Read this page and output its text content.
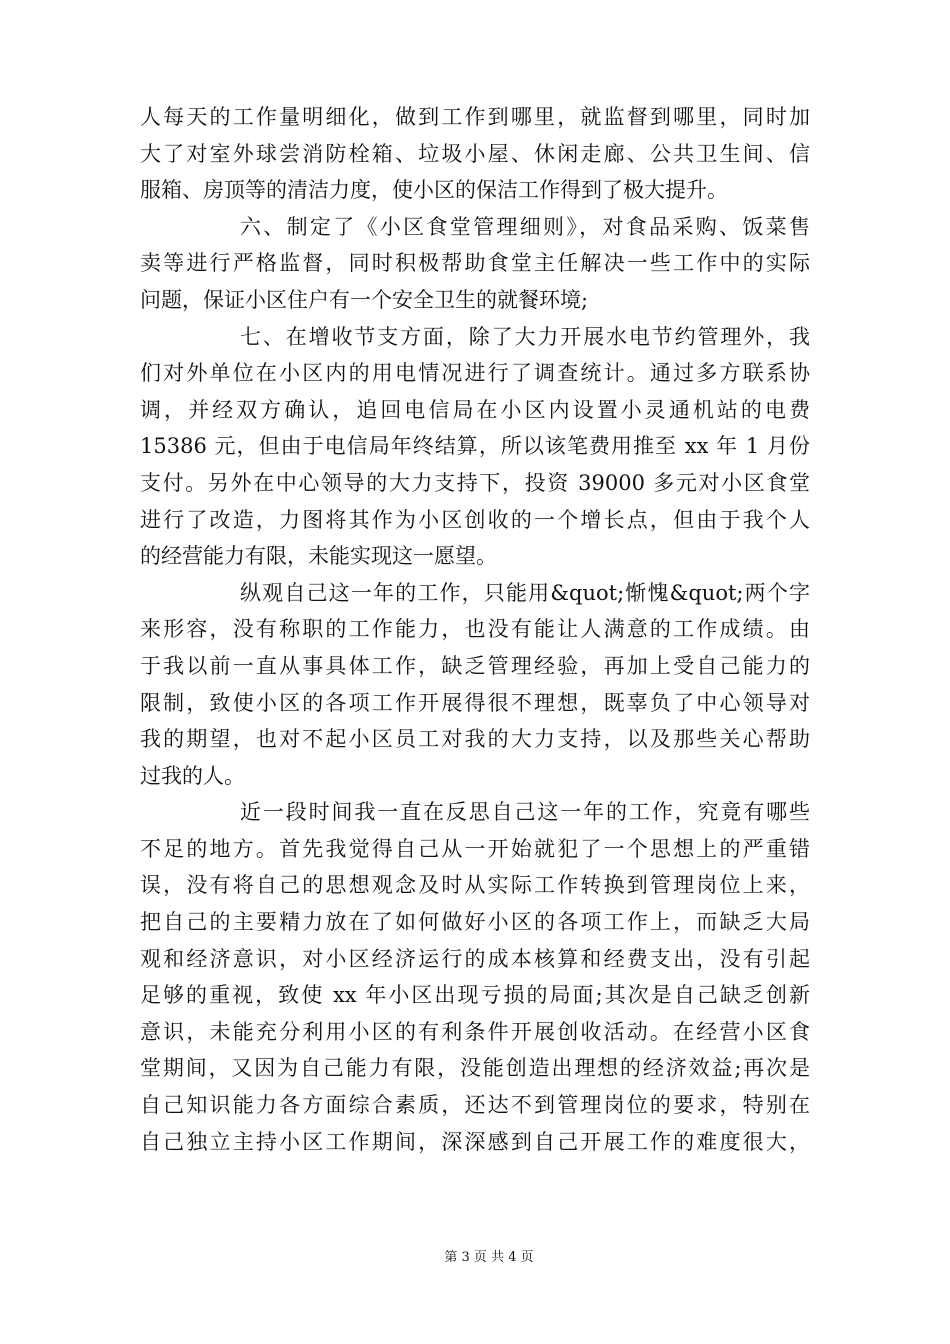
人每天的工作量明细化，做到工作到哪里，就监督到哪里，同时加
大了对室外球尝消防栓箱、垃圾小屋、休闲走廊、公共卫生间、信
服箱、房顶等的清洁力度，使小区的保洁工作得到了极大提升。
六、制定了《小区食堂管理细则》，对食品采购、饭菜售
卖等进行严格监督，同时积极帮助食堂主任解决一些工作中的实际
问题，保证小区住户有一个安全卫生的就餐环境;
七、在增收节支方面，除了大力开展水电节约管理外，我
们对外单位在小区内的用电情况进行了调查统计。通过多方联系协
调，并经双方确认，追回电信局在小区内设置小灵通机站的电费
15386 元，但由于电信局年终结算，所以该笔费用推至 xx 年 1 月份
支付。另外在中心领导的大力支持下，投资 39000 多元对小区食堂
进行了改造，力图将其作为小区创收的一个增长点，但由于我个人
的经营能力有限，未能实现这一愿望。
纵观自己这一年的工作，只能用&quot;惭愧&quot;两个字
来形容，没有称职的工作能力，也没有能让人满意的工作成绩。由
于我以前一直从事具体工作，缺乏管理经验，再加上受自己能力的
限制，致使小区的各项工作开展得很不理想，既辜负了中心领导对
我的期望，也对不起小区员工对我的大力支持，以及那些关心帮助
过我的人。
近一段时间我一直在反思自己这一年的工作，究竟有哪些
不足的地方。首先我觉得自己从一开始就犯了一个思想上的严重错
误，没有将自己的思想观念及时从实际工作转换到管理岗位上来，
把自己的主要精力放在了如何做好小区的各项工作上，而缺乏大局
观和经济意识，对小区经济运行的成本核算和经费支出，没有引起
足够的重视，致使 xx 年小区出现亏损的局面;其次是自己缺乏创新
意识，未能充分利用小区的有利条件开展创收活动。在经营小区食
堂期间，又因为自己能力有限，没能创造出理想的经济效益;再次是
自己知识能力各方面综合素质，还达不到管理岗位的要求，特别在
自己独立主持小区工作期间，深深感到自己开展工作的难度很大，
第 3 页 共 4 页
